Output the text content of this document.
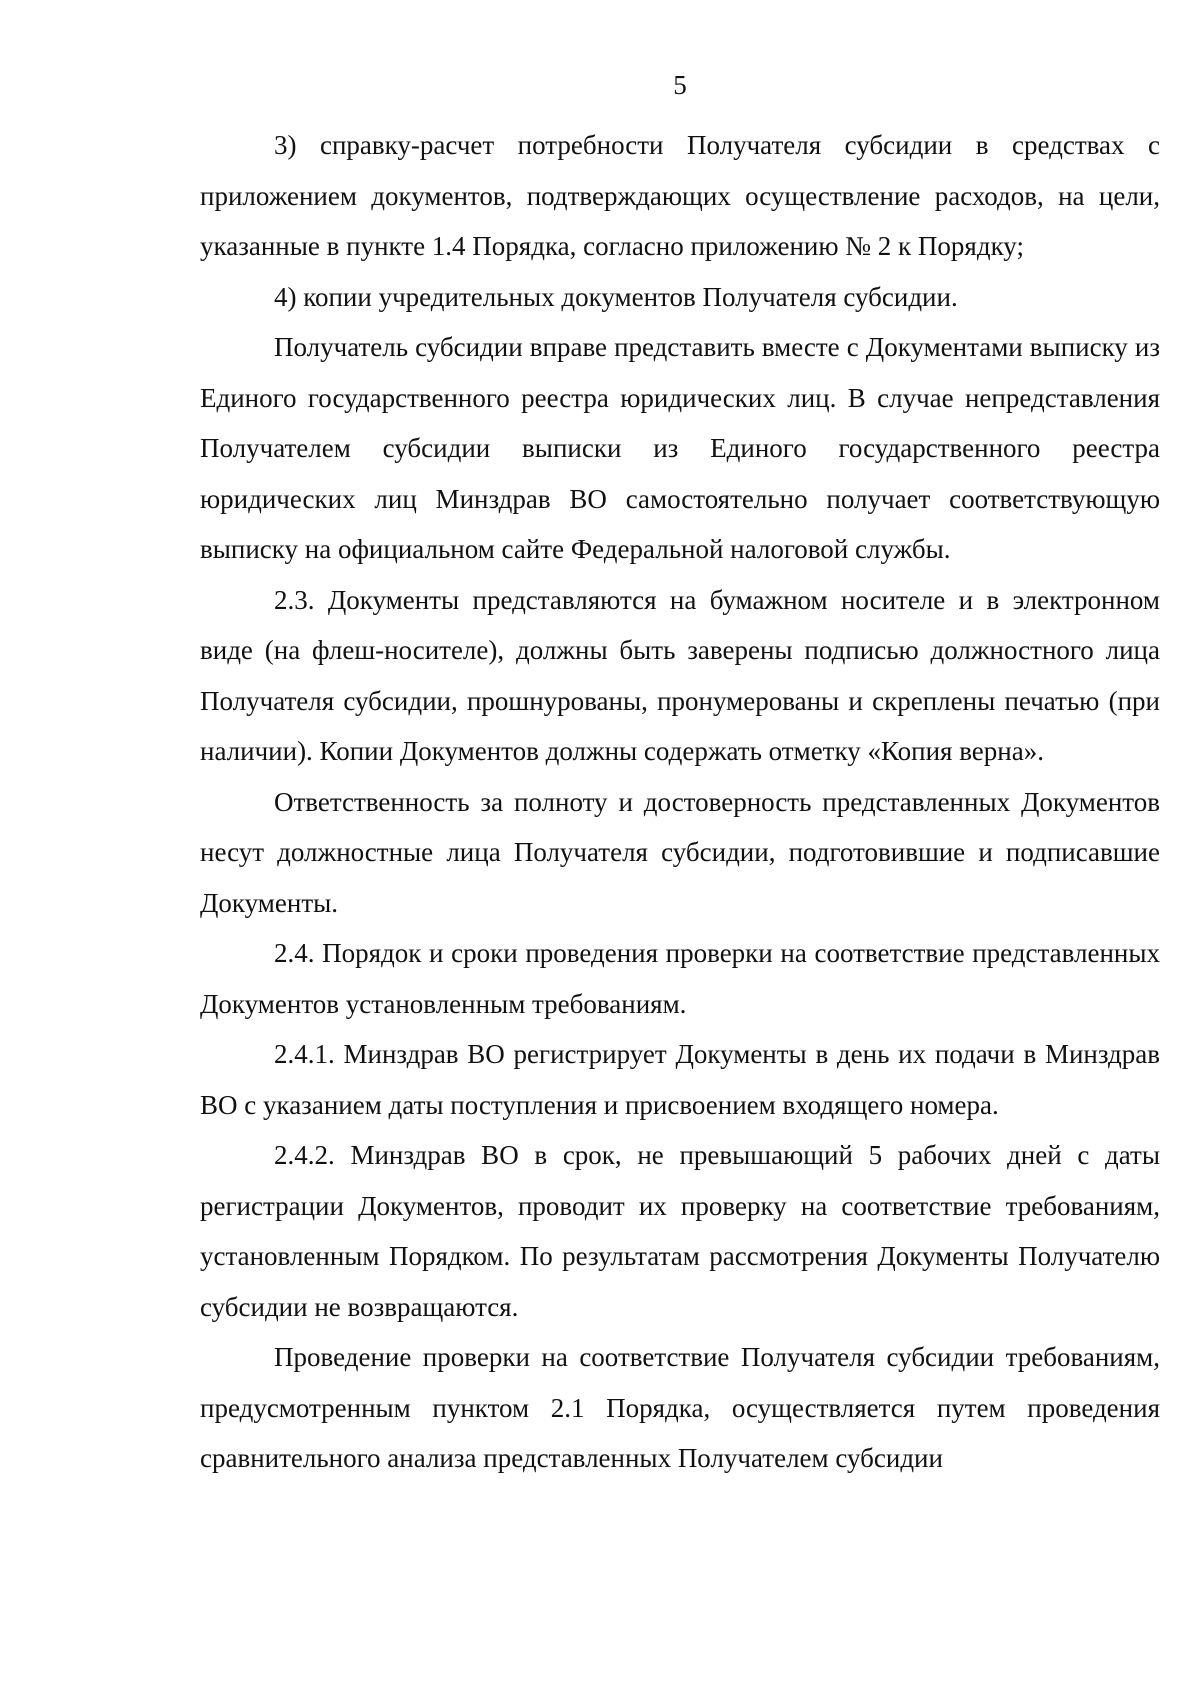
5

3) справку-расчет потребности Получателя субсидии в средствах с приложением документов, подтверждающих осуществление расходов, на цели, указанные в пункте 1.4 Порядка, согласно приложению № 2 к Порядку;

4) копии учредительных документов Получателя субсидии.

Получатель субсидии вправе представить вместе с Документами выписку из Единого государственного реестра юридических лиц. В случае непредставления Получателем субсидии выписки из Единого государственного реестра юридических лиц Минздрав ВО самостоятельно получает соответствующую выписку на официальном сайте Федеральной налоговой службы.

2.3. Документы представляются на бумажном носителе и в электронном виде (на флеш-носителе), должны быть заверены подписью должностного лица Получателя субсидии, прошнурованы, пронумерованы и скреплены печатью (при наличии). Копии Документов должны содержать отметку «Копия верна».

Ответственность за полноту и достоверность представленных Документов несут должностные лица Получателя субсидии, подготовившие и подписавшие Документы.

2.4. Порядок и сроки проведения проверки на соответствие представленных Документов установленным требованиям.

2.4.1. Минздрав ВО регистрирует Документы в день их подачи в Минздрав ВО с указанием даты поступления и присвоением входящего номера.

2.4.2. Минздрав ВО в срок, не превышающий 5 рабочих дней с даты регистрации Документов, проводит их проверку на соответствие требованиям, установленным Порядком. По результатам рассмотрения Документы Получателю субсидии не возвращаются.

Проведение проверки на соответствие Получателя субсидии требованиям, предусмотренным пунктом 2.1 Порядка, осуществляется путем проведения сравнительного анализа представленных Получателем субсидии
